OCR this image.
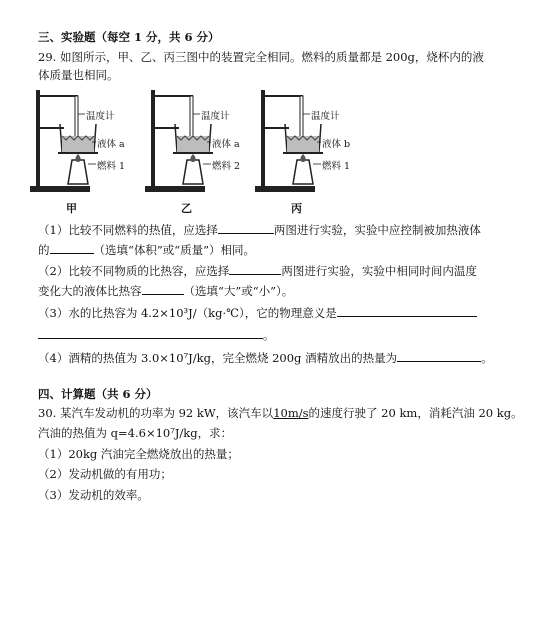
三、实验题（每空 1 分，共 6 分）
29. 如图所示，甲、乙、丙三图中的装置完全相同。燃料的质量都是 200g，烧杯内的液
体质量也相同。
温度计
液体 a
燃料 1
甲
温度计
液体 a
燃料 2
乙
温度计
液体 b
燃料 1
丙
（1）比较不同燃料的热值，应选择	两图进行实验，实验中应控制被加热液体
的	（选填“体积”或“质量”）相同。
（2）比较不同物质的比热容，应选择	两图进行实验，实验中相同时间内温度
变化大的液体比热容	（选填“大”或“小”）。
（3）水的比热容为 4.2×10³J/（kg·℃），它的物理意义是
。
（4）酒精的热值为 3.0×10⁷J/kg，完全燃烧 200g 酒精放出的热量为	。
四、计算题（共 6 分）
30. 某汽车发动机的功率为 92 kW，该汽车以10m/s的速度行驶了 20 km，消耗汽油 20 kg。
汽油的热值为 q=4.6×10⁷J/kg，求：
（1）20kg 汽油完全燃烧放出的热量；
（2）发动机做的有用功；
（3）发动机的效率。
